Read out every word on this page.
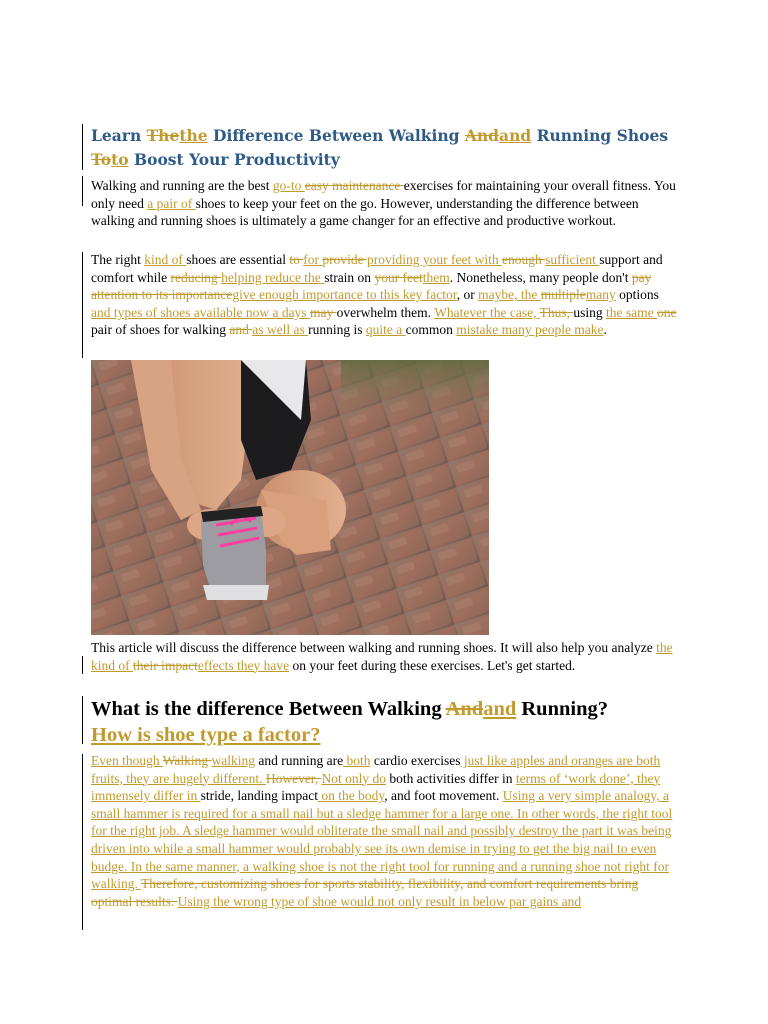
Learn Thethe Difference Between Walking Andand Running Shoes Toto Boost Your Productivity

Walking and running are the best go-to easy maintenance exercises for maintaining your overall fitness. You only need a pair of shoes to keep your feet on the go. However, understanding the difference between walking and running shoes is ultimately a game changer for an effective and productive workout.

The right kind of shoes are essential to for provide providing your feet with enough sufficient support and comfort while reducing helping reduce the strain on your feetthem. Nonetheless, many people don't pay attention to its importancegive enough importance to this key factor, or maybe, the multiplemany options and types of shoes available now a days may overwhelm them. Whatever the case, Thus, using the same one pair of shoes for walking and as well as running is quite a common mistake many people make.

This article will discuss the difference between walking and running shoes. It will also help you analyze the kind of their impacteffects they have on your feet during these exercises. Let's get started.

What is the difference Between Walking Andand Running?
How is shoe type a factor?

Even though Walking walking and running are both cardio exercises just like apples and oranges are both fruits, they are hugely different. However, Not only do both activities differ in terms of ‘work done’, they immensely differ in stride, landing impact on the body, and foot movement. Using a very simple analogy, a small hammer is required for a small nail but a sledge hammer for a large one. In other words, the right tool for the right job. A sledge hammer would obliterate the small nail and possibly destroy the part it was being driven into while a small hammer would probably see its own demise in trying to get the big nail to even budge. In the same manner, a walking shoe is not the right tool for running and a running shoe not right for walking. Therefore, customizing shoes for sports stability, flexibility, and comfort requirements bring optimal results. Using the wrong type of shoe would not only result in below par gains and
